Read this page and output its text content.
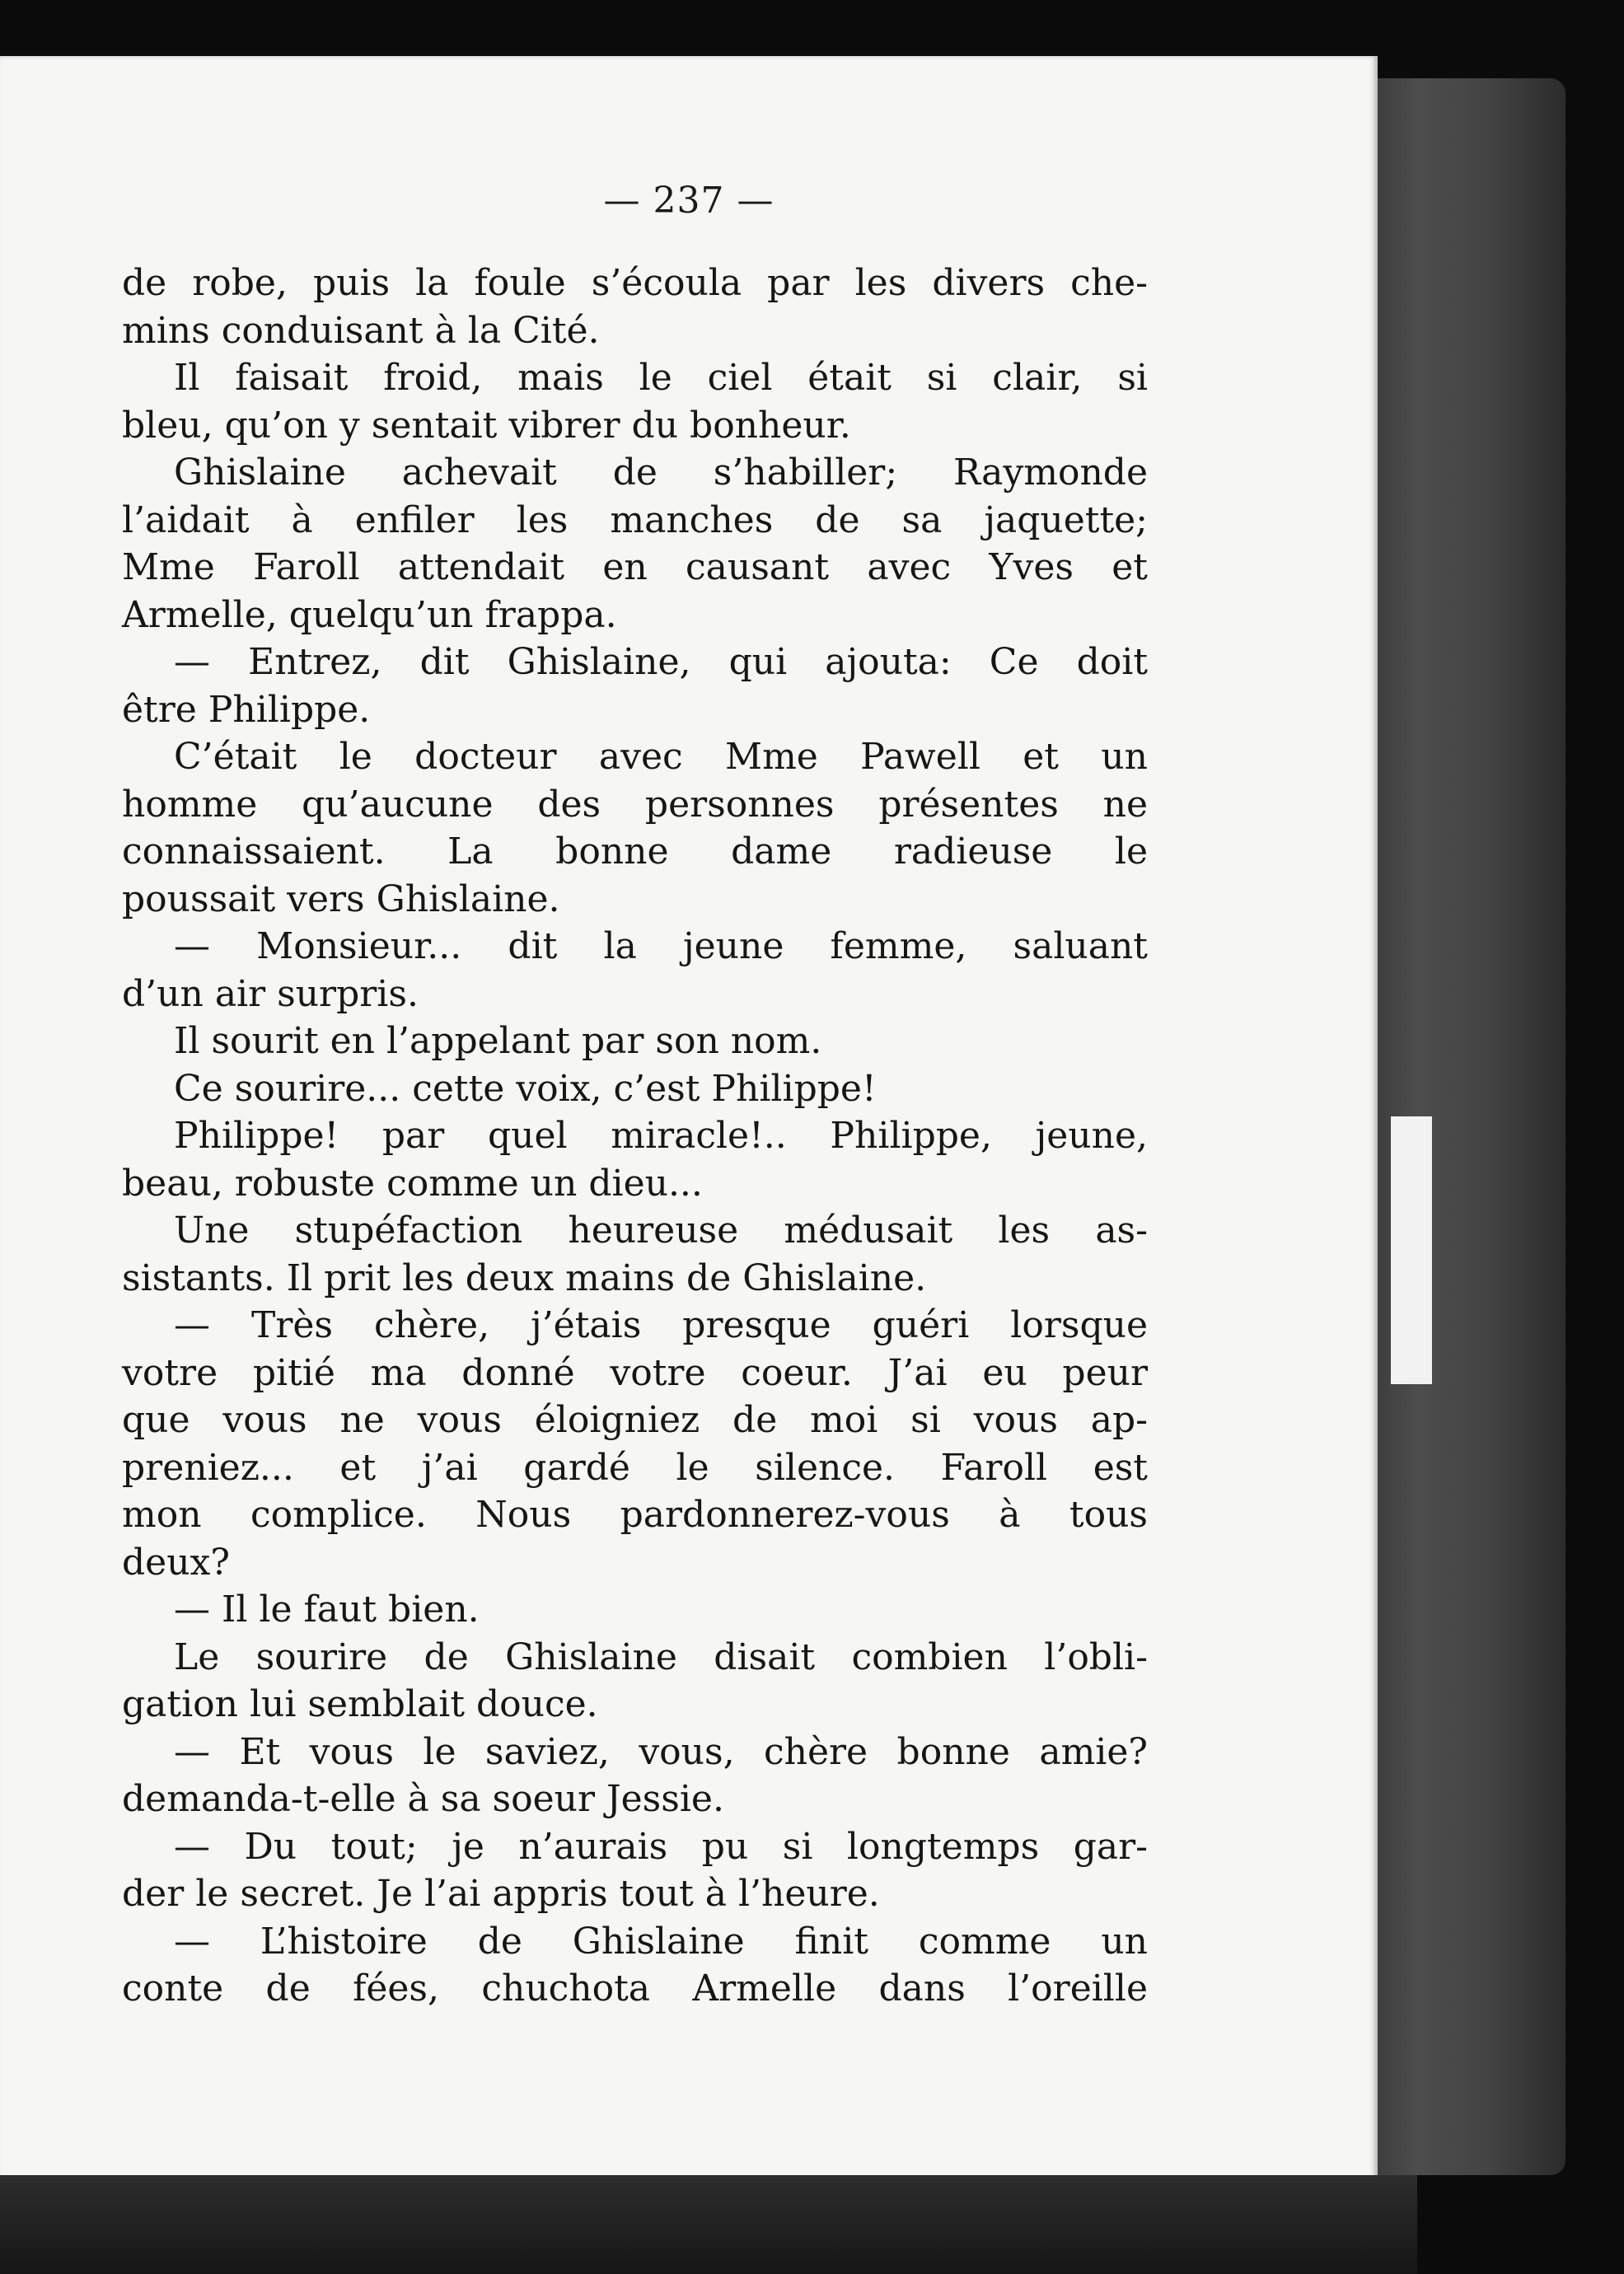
— 237 —

de robe, puis la foule s’écoula par les divers che-
mins conduisant à la Cité.
Il faisait froid, mais le ciel était si clair, si
bleu, qu’on y sentait vibrer du bonheur.
Ghislaine achevait de s’habiller; Raymonde
l’aidait à enfiler les manches de sa jaquette;
Mme Faroll attendait en causant avec Yves et
Armelle, quelqu’un frappa.
— Entrez, dit Ghislaine, qui ajouta: Ce doit
être Philippe.
C’était le docteur avec Mme Pawell et un
homme qu’aucune des personnes présentes ne
connaissaient. La bonne dame radieuse le
poussait vers Ghislaine.
— Monsieur... dit la jeune femme, saluant
d’un air surpris.
Il sourit en l’appelant par son nom.
Ce sourire... cette voix, c’est Philippe!
Philippe! par quel miracle!.. Philippe, jeune,
beau, robuste comme un dieu...
Une stupéfaction heureuse médusait les as-
sistants. Il prit les deux mains de Ghislaine.
— Très chère, j’étais presque guéri lorsque
votre pitié ma donné votre coeur. J’ai eu peur
que vous ne vous éloigniez de moi si vous ap-
preniez... et j’ai gardé le silence. Faroll est
mon complice. Nous pardonnerez-vous à tous
deux?
— Il le faut bien.
Le sourire de Ghislaine disait combien l’obli-
gation lui semblait douce.
— Et vous le saviez, vous, chère bonne amie?
demanda-t-elle à sa soeur Jessie.
— Du tout; je n’aurais pu si longtemps gar-
der le secret. Je l’ai appris tout à l’heure.
— L’histoire de Ghislaine finit comme un
conte de fées, chuchota Armelle dans l’oreille
